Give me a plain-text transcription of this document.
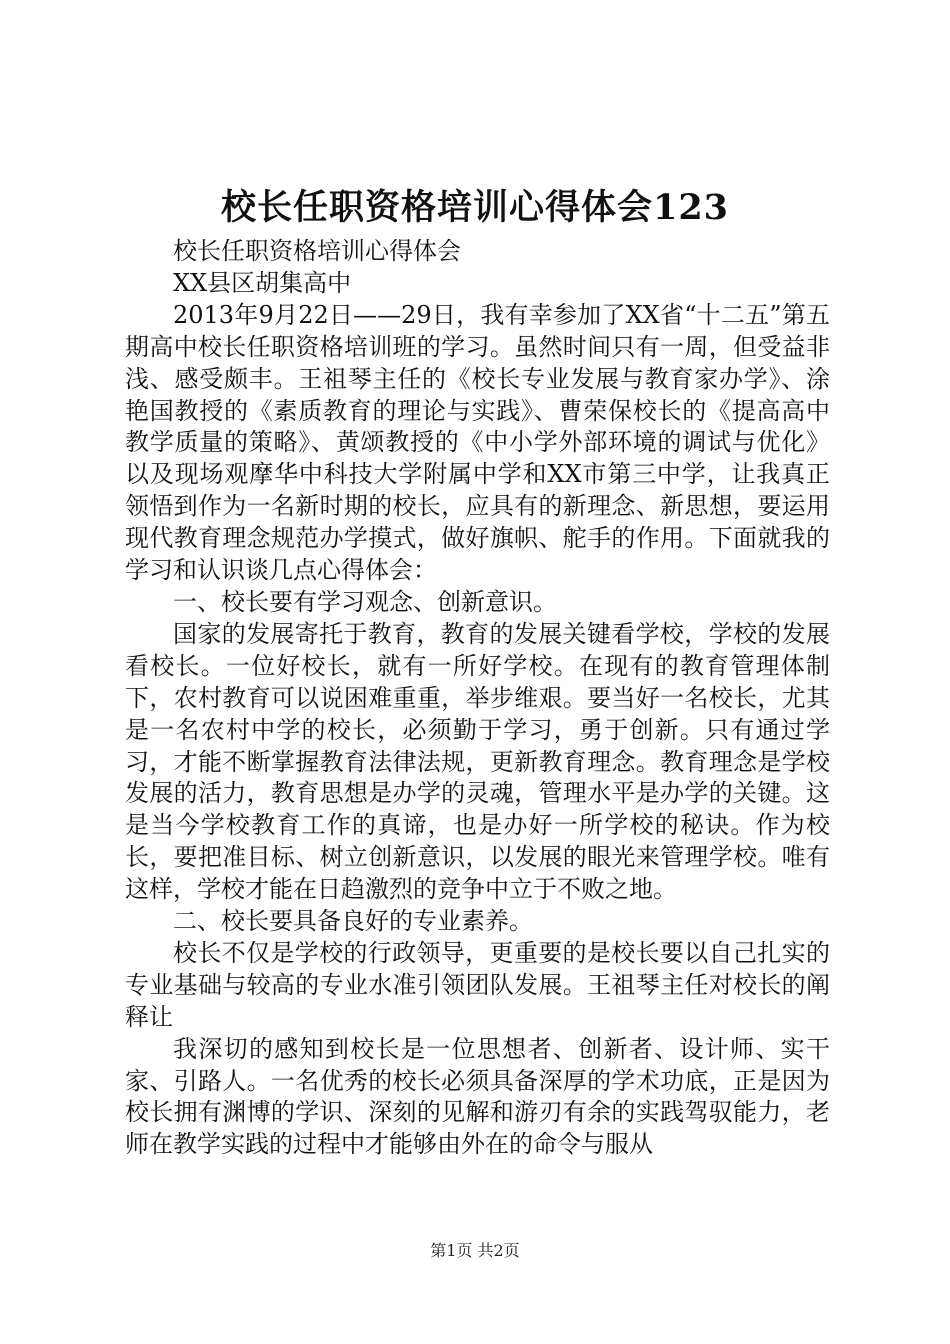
校长任职资格培训心得体会123

校长任职资格培训心得体会

XX县区胡集高中

2013年9月22日——29日，我有幸参加了XX省“十二五”第五期高中校长任职资格培训班的学习。虽然时间只有一周，但受益非浅、感受颇丰。王祖琴主任的《校长专业发展与教育家办学》、涂艳国教授的《素质教育的理论与实践》、曹荣保校长的《提高高中教学质量的策略》、黄颂教授的《中小学外部环境的调试与优化》以及现场观摩华中科技大学附属中学和XX市第三中学，让我真正领悟到作为一名新时期的校长，应具有的新理念、新思想，要运用现代教育理念规范办学摸式，做好旗帜、舵手的作用。下面就我的学习和认识谈几点心得体会：

一、校长要有学习观念、创新意识。

国家的发展寄托于教育，教育的发展关键看学校，学校的发展看校长。一位好校长，就有一所好学校。在现有的教育管理体制下，农村教育可以说困难重重，举步维艰。要当好一名校长，尤其是一名农村中学的校长，必须勤于学习，勇于创新。只有通过学习，才能不断掌握教育法律法规，更新教育理念。教育理念是学校发展的活力，教育思想是办学的灵魂，管理水平是办学的关键。这是当今学校教育工作的真谛，也是办好一所学校的秘诀。作为校长，要把准目标、树立创新意识，以发展的眼光来管理学校。唯有这样，学校才能在日趋激烈的竞争中立于不败之地。

二、校长要具备良好的专业素养。

校长不仅是学校的行政领导，更重要的是校长要以自己扎实的专业基础与较高的专业水准引领团队发展。王祖琴主任对校长的阐释让

我深切的感知到校长是一位思想者、创新者、设计师、实干家、引路人。一名优秀的校长必须具备深厚的学术功底，正是因为校长拥有渊博的学识、深刻的见解和游刃有余的实践驾驭能力，老师在教学实践的过程中才能够由外在的命令与服从

第1页 共2页
